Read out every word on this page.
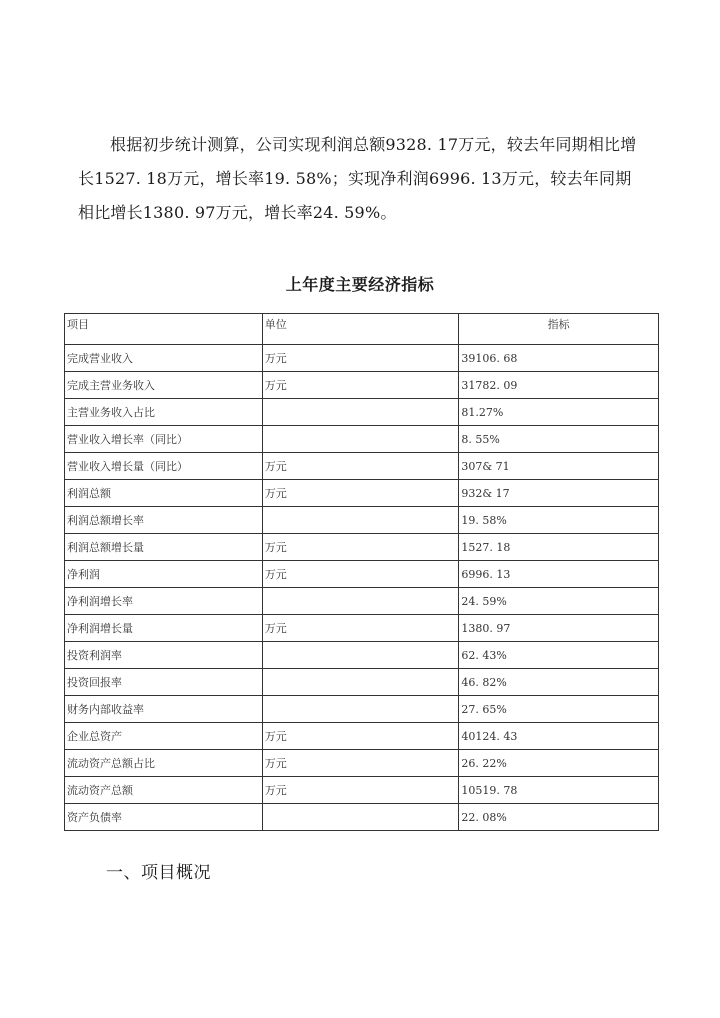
根据初步统计测算，公司实现利润总额9328. 17万元，较去年同期相比增长1527. 18万元，增长率19. 58%；实现净利润6996. 13万元，较去年同期相比增长1380. 97万元，增长率24. 59%。

上年度主要经济指标
项目	单位	指标
完成营业收入	万元	39106. 68
完成主营业务收入	万元	31782. 09
主营业务收入占比		81.27%
营业收入增长率（同比）		8. 55%
营业收入增长量（同比）	万元	307& 71
利润总额	万元	932& 17
利润总额增长率		19. 58%
利润总额增长量	万元	1527. 18
净利润	万元	6996. 13
净利润增长率		24. 59%
净利润增长量	万元	1380. 97
投资利润率		62. 43%
投资回报率		46. 82%
财务内部收益率		27. 65%
企业总资产	万元	40124. 43
流动资产总额占比	万元	26. 22%
流动资产总额	万元	10519. 78
资产负债率		22. 08%
一、项目概况
